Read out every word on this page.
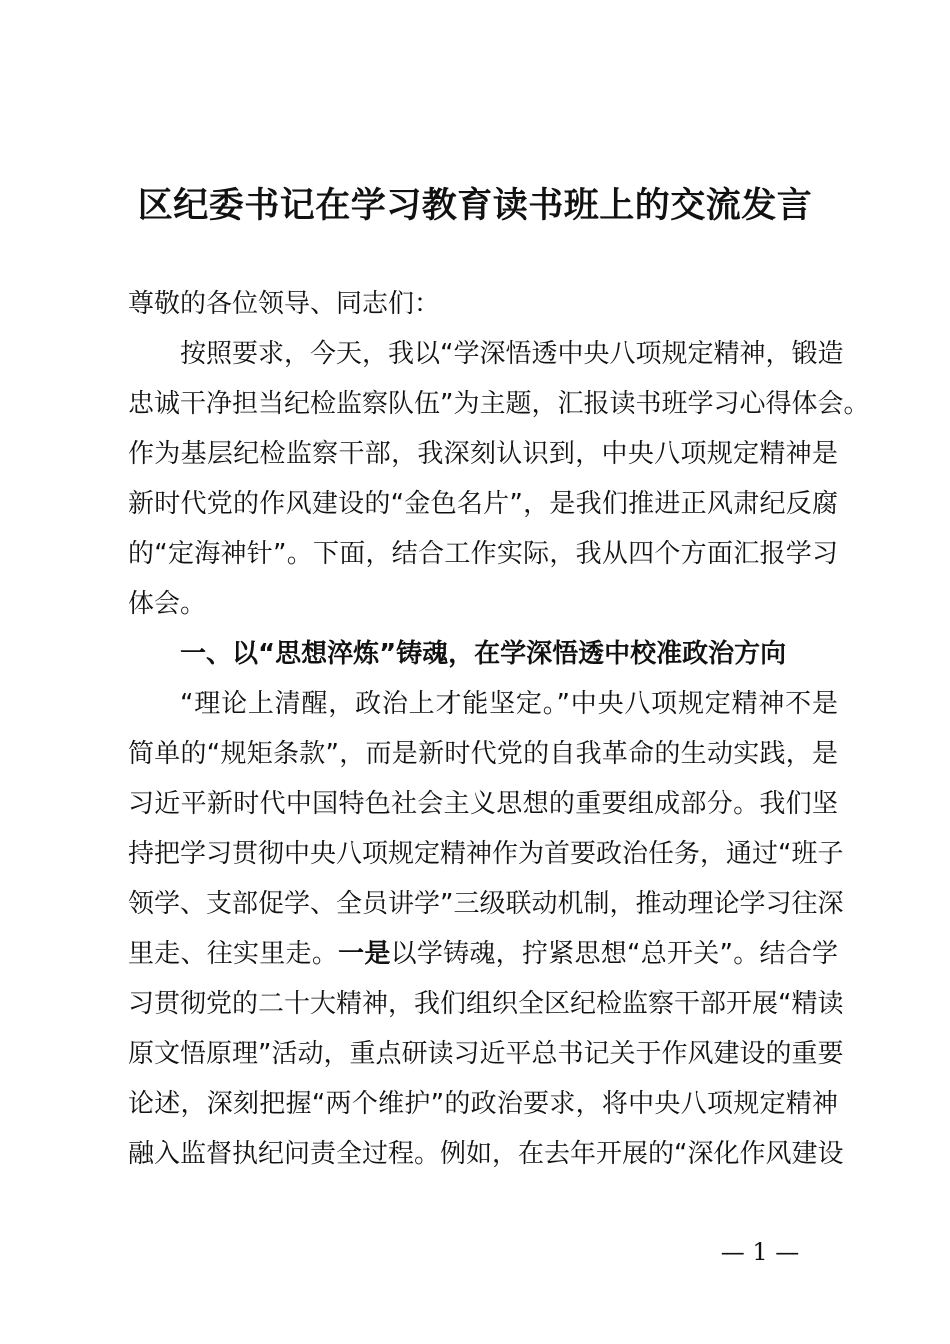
区纪委书记在学习教育读书班上的交流发言
尊敬的各位领导、同志们：
按照要求，今天，我以“学深悟透中央八项规定精神，锻造
忠诚干净担当纪检监察队伍”为主题，汇报读书班学习心得体会。
作为基层纪检监察干部，我深刻认识到，中央八项规定精神是
新时代党的作风建设的“金色名片”，是我们推进正风肃纪反腐
的“定海神针”。下面，结合工作实际，我从四个方面汇报学习
体会。
一、以“思想淬炼”铸魂，在学深悟透中校准政治方向
“理论上清醒，政治上才能坚定。”中央八项规定精神不是
简单的“规矩条款”，而是新时代党的自我革命的生动实践，是
习近平新时代中国特色社会主义思想的重要组成部分。我们坚
持把学习贯彻中央八项规定精神作为首要政治任务，通过“班子
领学、支部促学、全员讲学”三级联动机制，推动理论学习往深
里走、往实里走。一是以学铸魂，拧紧思想“总开关”。结合学
习贯彻党的二十大精神，我们组织全区纪检监察干部开展“精读
原文悟原理”活动，重点研读习近平总书记关于作风建设的重要
论述，深刻把握“两个维护”的政治要求，将中央八项规定精神
融入监督执纪问责全过程。例如，在去年开展的“深化作风建设
— 1 —
